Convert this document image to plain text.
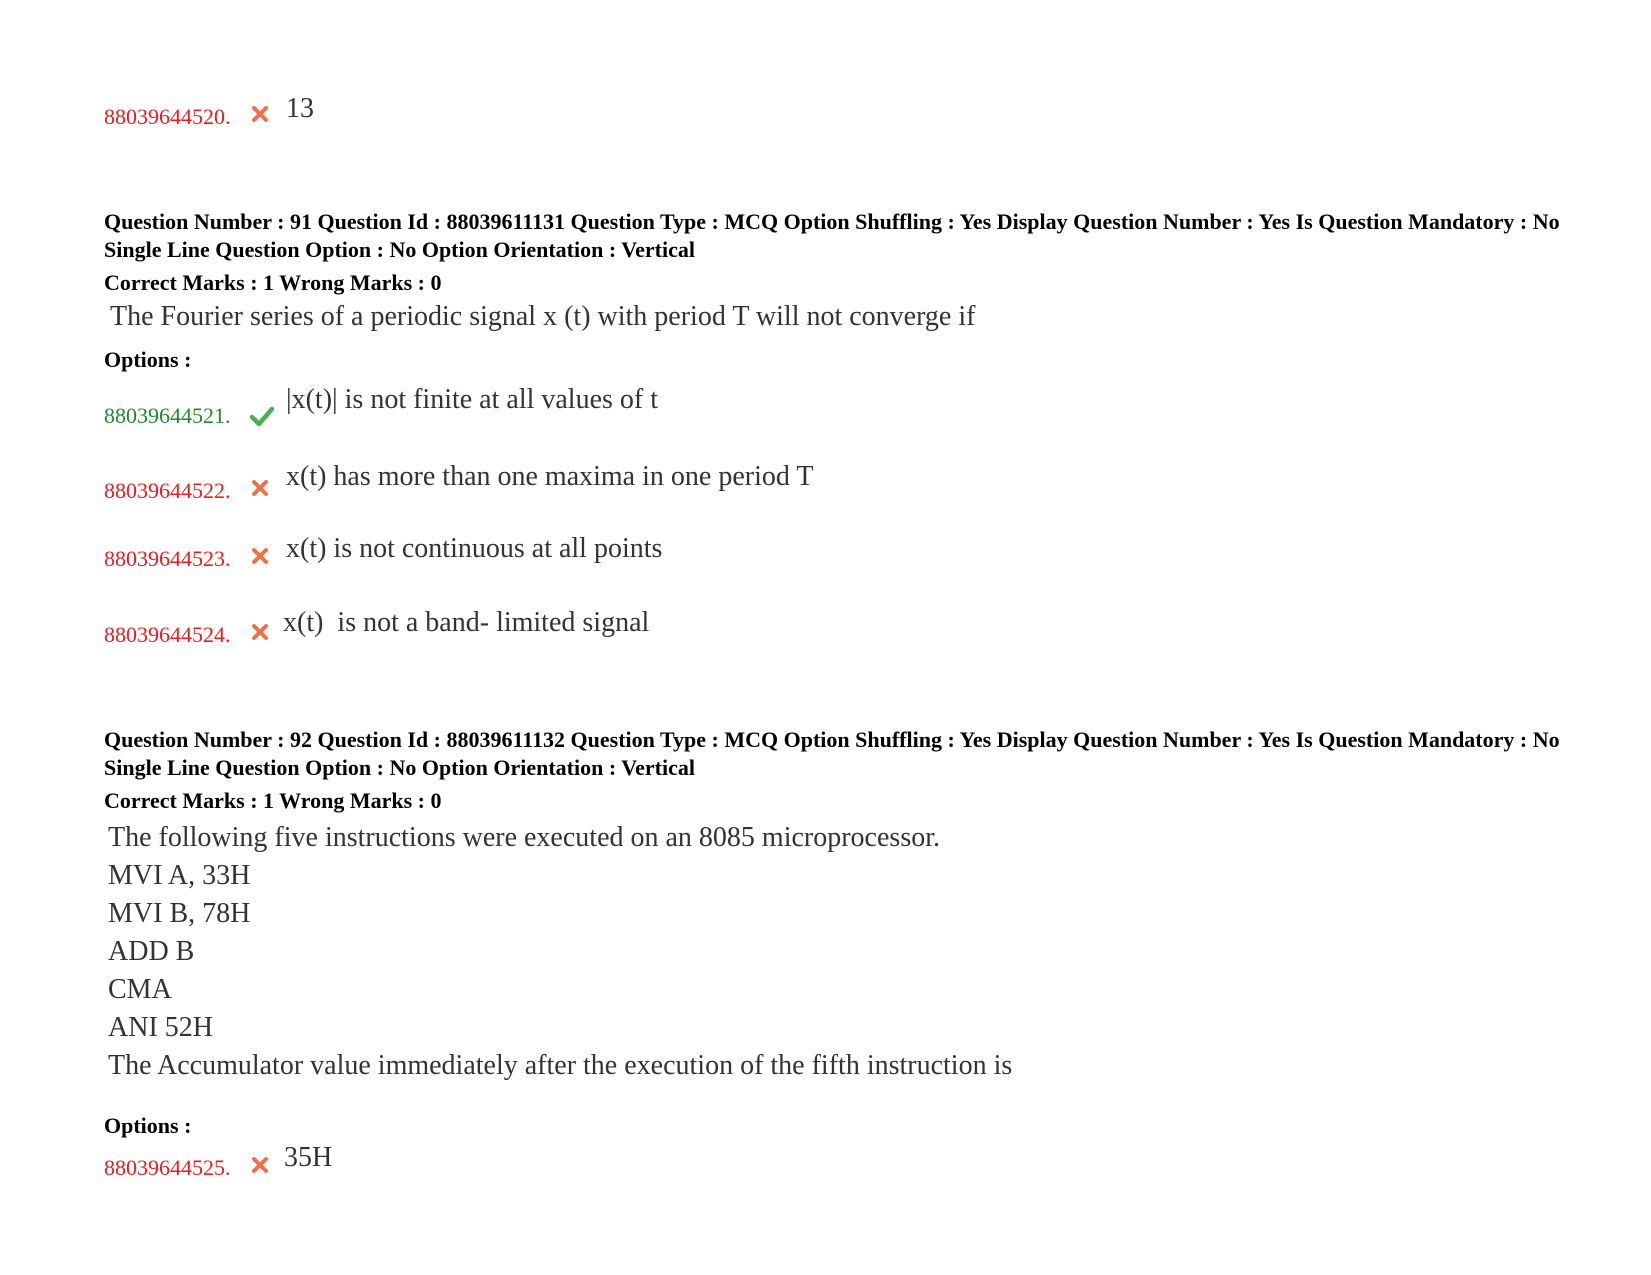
88039644520. 13
Question Number : 91 Question Id : 88039611131 Question Type : MCQ Option Shuffling : Yes Display Question Number : Yes Is Question Mandatory : No Single Line Question Option : No Option Orientation : Vertical
Correct Marks : 1 Wrong Marks : 0
The Fourier series of a periodic signal x (t) with period T will not converge if
Options :
88039644521.
|x(t)| is not finite at all values of t
88039644522. x(t) has more than one maxima in one period T
88039644523. x(t) is not continuous at all points
88039644524. x(t)  is not a band- limited signal
Question Number : 92 Question Id : 88039611132 Question Type : MCQ Option Shuffling : Yes Display Question Number : Yes Is Question Mandatory : No Single Line Question Option : No Option Orientation : Vertical
Correct Marks : 1 Wrong Marks : 0
The following five instructions were executed on an 8085 microprocessor.
MVI A, 33H
MVI B, 78H
ADD B
CMA
ANI 52H
The Accumulator value immediately after the execution of the fifth instruction is
Options :
88039644525. 35H
